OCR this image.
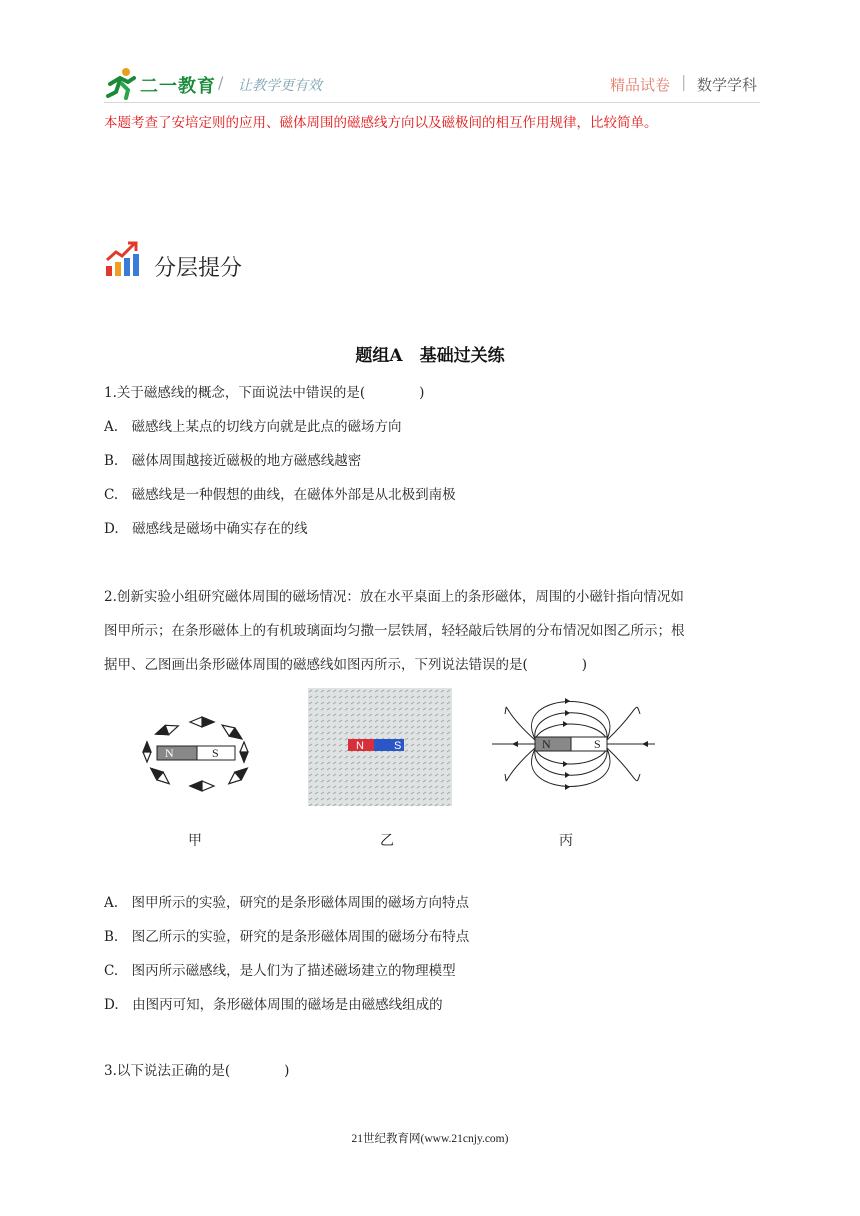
二一教育 / 让教学更有效	精品试卷 | 数学学科
本题考查了安培定则的应用、磁体周围的磁感线方向以及磁极间的相互作用规律，比较简单。
分层提分
题组A　基础过关练
1.关于磁感线的概念，下面说法中错误的是(　　　　)
A.　磁感线上某点的切线方向就是此点的磁场方向
B.　磁体周围越接近磁极的地方磁感线越密
C.　磁感线是一种假想的曲线，在磁体外部是从北极到南极
D.　磁感线是磁场中确实存在的线
2.创新实验小组研究磁体周围的磁场情况：放在水平桌面上的条形磁体，周围的小磁针指向情况如
图甲所示；在条形磁体上的有机玻璃面均匀撒一层铁屑，轻轻敲后铁屑的分布情况如图乙所示；根
据甲、乙图画出条形磁体周围的磁感线如图丙所示，下列说法错误的是(　　　　)
N	S	N	S	N	S
甲	乙	丙
A.　图甲所示的实验，研究的是条形磁体周围的磁场方向特点
B.　图乙所示的实验，研究的是条形磁体周围的磁场分布特点
C.　图丙所示磁感线，是人们为了描述磁场建立的物理模型
D.　由图丙可知，条形磁体周围的磁场是由磁感线组成的
3.以下说法正确的是(　　　　)
21世纪教育网(www.21cnjy.com)
